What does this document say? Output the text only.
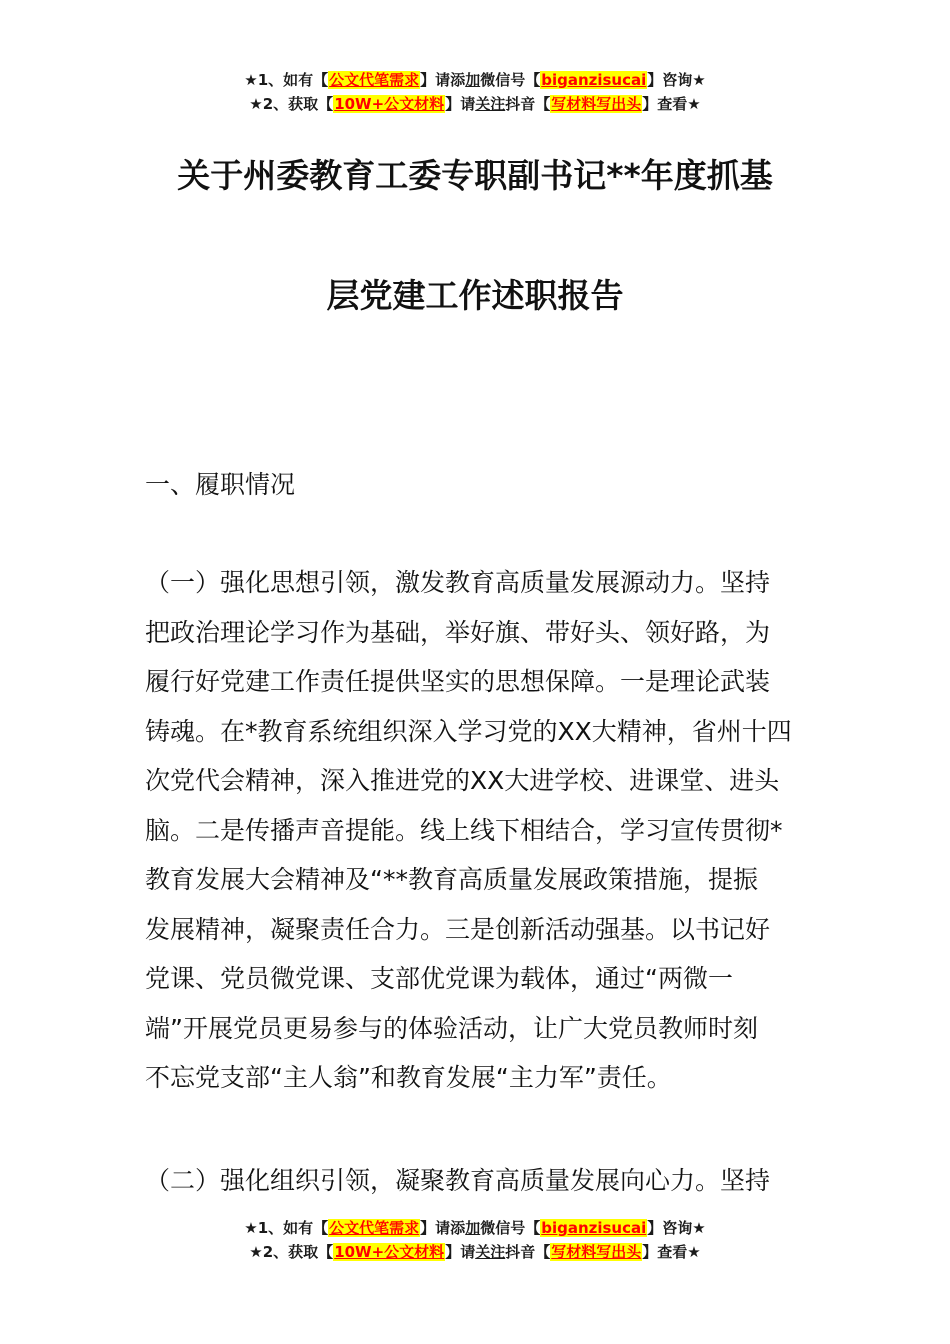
★1、如有【公文代笔需求】请添加微信号【biganzisucai】咨询★
★2、获取【10W+公文材料】请关注抖音【写材料写出头】查看★
关于州委教育工委专职副书记**年度抓基
层党建工作述职报告
一、履职情况
（一）强化思想引领，激发教育高质量发展源动力。坚持
把政治理论学习作为基础，举好旗、带好头、领好路，为
履行好党建工作责任提供坚实的思想保障。一是理论武装
铸魂。在*教育系统组织深入学习党的XX大精神，省州十四
次党代会精神，深入推进党的XX大进学校、进课堂、进头
脑。二是传播声音提能。线上线下相结合，学习宣传贯彻*
教育发展大会精神及“**教育高质量发展政策措施，提振
发展精神，凝聚责任合力。三是创新活动强基。以书记好
党课、党员微党课、支部优党课为载体，通过“两微一
端”开展党员更易参与的体验活动，让广大党员教师时刻
不忘党支部“主人翁”和教育发展“主力军”责任。
（二）强化组织引领，凝聚教育高质量发展向心力。坚持
★1、如有【公文代笔需求】请添加微信号【biganzisucai】咨询★
★2、获取【10W+公文材料】请关注抖音【写材料写出头】查看★
